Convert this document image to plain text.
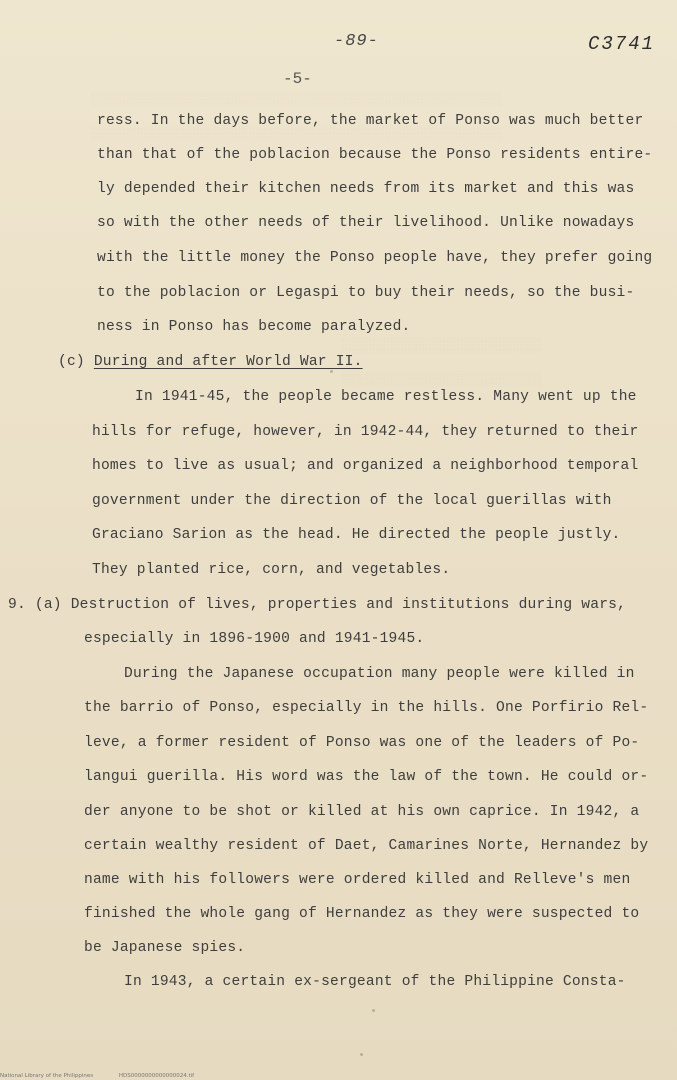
░░░░░░░░░░░░░░░░░░░░░░░░░░░░░░░░░░░░░░░░░░░░░░░░░
░░░░░░░░░░░░░░░░░░░░░░░░░░░░░░░░░░░░░░░░░░░░░░░░░
░░░░░░░░░░░░░░░░░░░░░░░░
░░░░░░░░░░░░░░░░░░░░░░░░
-89-	C3741
-5-
ress. In the days before, the market of Ponso was much better
than that of the poblacion because the Ponso residents entire-
ly depended their kitchen needs from its market and this was
so with the other needs of their livelihood. Unlike nowadays
with the little money the Ponso people have, they prefer going
to the poblacion or Legaspi to buy their needs, so the busi-
ness in Ponso has become paralyzed.
(c) During and after World War II.
In 1941-45, the people became restless. Many went up the
hills for refuge, however, in 1942-44, they returned to their
homes to live as usual; and organized a neighborhood temporal
government under the direction of the local guerillas with
Graciano Sarion as the head. He directed the people justly.
They planted rice, corn, and vegetables.
9. (a) Destruction of lives, properties and institutions during wars,
especially in 1896-1900 and 1941-1945.
During the Japanese occupation many people were killed in
the barrio of Ponso, especially in the hills. One Porfirio Rel-
leve, a former resident of Ponso was one of the leaders of Po-
langui guerilla. His word was the law of the town. He could or-
der anyone to be shot or killed at his own caprice. In 1942, a
certain wealthy resident of Daet, Camarines Norte, Hernandez by
name with his followers were ordered killed and Relleve's men
finished the whole gang of Hernandez as they were suspected to
be Japanese spies.
In 1943, a certain ex-sergeant of the Philippine Consta-
National Library of the Philippines	HDS0000000000000024.tif
